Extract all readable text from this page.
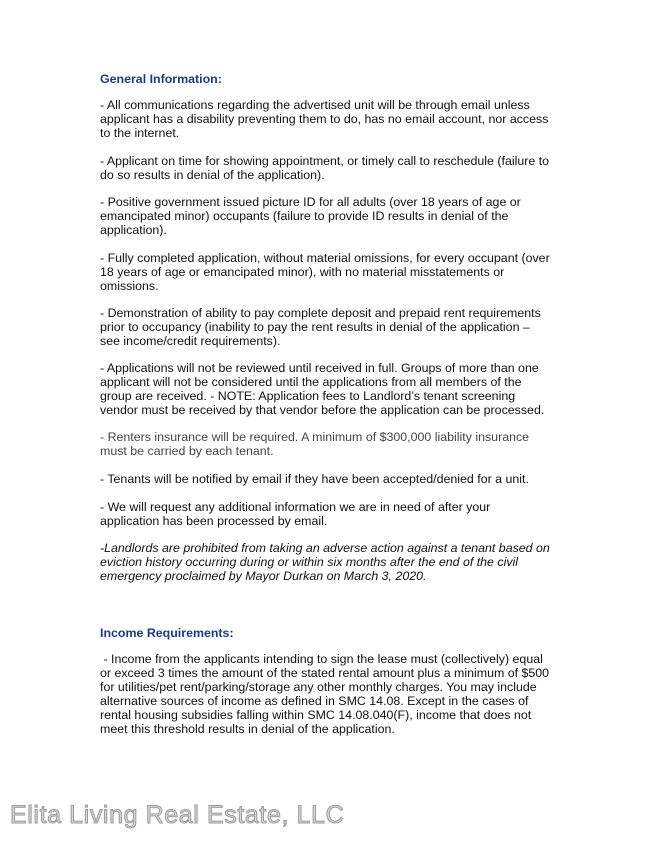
General Information:

- All communications regarding the advertised unit will be through email unless applicant has a disability preventing them to do, has no email account, nor access to the internet.

- Applicant on time for showing appointment, or timely call to reschedule (failure to do so results in denial of the application).

- Positive government issued picture ID for all adults (over 18 years of age or emancipated minor) occupants (failure to provide ID results in denial of the application).

- Fully completed application, without material omissions, for every occupant (over 18 years of age or emancipated minor), with no material misstatements or omissions.

- Demonstration of ability to pay complete deposit and prepaid rent requirements prior to occupancy (inability to pay the rent results in denial of the application – see income/credit requirements).

- Applications will not be reviewed until received in full. Groups of more than one applicant will not be considered until the applications from all members of the group are received. - NOTE: Application fees to Landlord’s tenant screening vendor must be received by that vendor before the application can be processed.

- Renters insurance will be required. A minimum of $300,000 liability insurance must be carried by each tenant.

- Tenants will be notified by email if they have been accepted/denied for a unit.

- We will request any additional information we are in need of after your application has been processed by email.

-Landlords are prohibited from taking an adverse action against a tenant based on eviction history occurring during or within six months after the end of the civil emergency proclaimed by Mayor Durkan on March 3, 2020.

Income Requirements:

- Income from the applicants intending to sign the lease must (collectively) equal or exceed 3 times the amount of the stated rental amount plus a minimum of $500 for utilities/pet rent/parking/storage any other monthly charges. You may include alternative sources of income as defined in SMC 14.08. Except in the cases of rental housing subsidies falling within SMC 14.08.040(F), income that does not meet this threshold results in denial of the application.

Elita Living Real Estate, LLC
